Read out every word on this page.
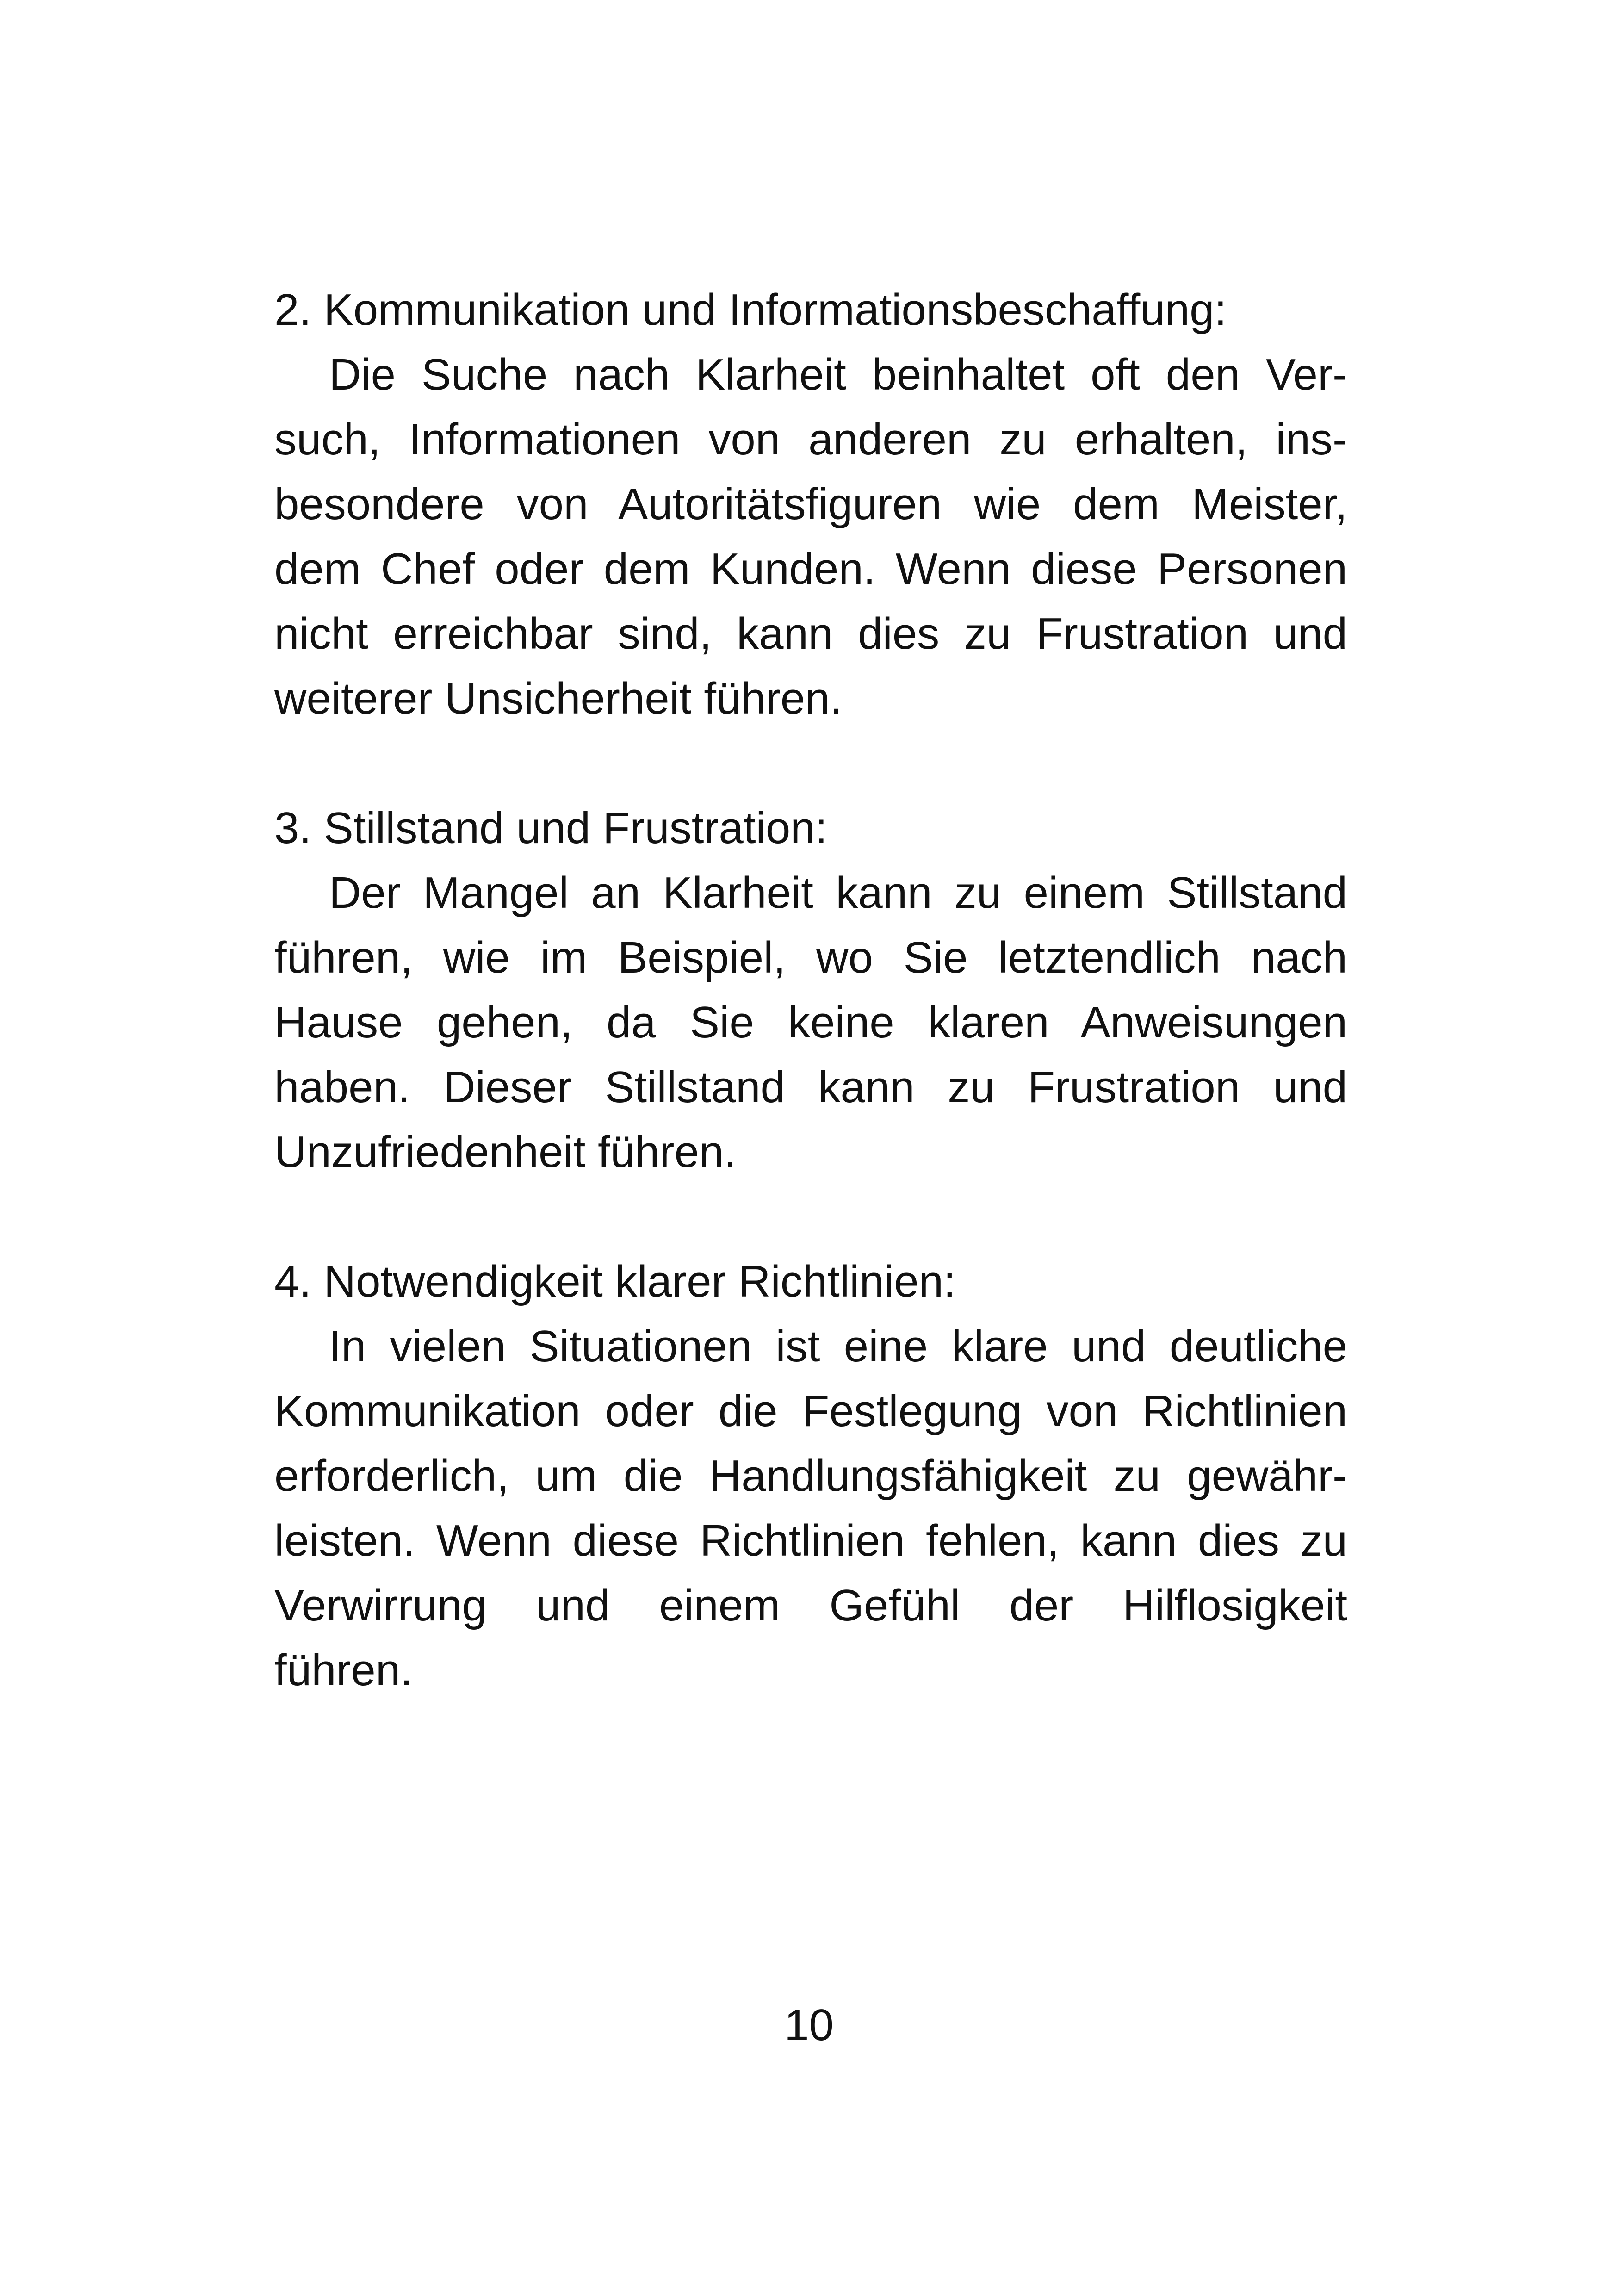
2. Kommunikation und Informationsbeschaffung:
Die Suche nach Klarheit beinhaltet oft den Ver-
such, Informationen von anderen zu erhalten, ins-
besondere von Autoritätsfiguren wie dem Meister,
dem Chef oder dem Kunden. Wenn diese Personen
nicht erreichbar sind, kann dies zu Frustration und
weiterer Unsicherheit führen.
3. Stillstand und Frustration:
Der Mangel an Klarheit kann zu einem Stillstand
führen, wie im Beispiel, wo Sie letztendlich nach
Hause gehen, da Sie keine klaren Anweisungen
haben. Dieser Stillstand kann zu Frustration und
Unzufriedenheit führen.
4. Notwendigkeit klarer Richtlinien:
In vielen Situationen ist eine klare und deutliche
Kommunikation oder die Festlegung von Richtlinien
erforderlich, um die Handlungsfähigkeit zu gewähr-
leisten. Wenn diese Richtlinien fehlen, kann dies zu
Verwirrung und einem Gefühl der Hilflosigkeit
führen.
10
